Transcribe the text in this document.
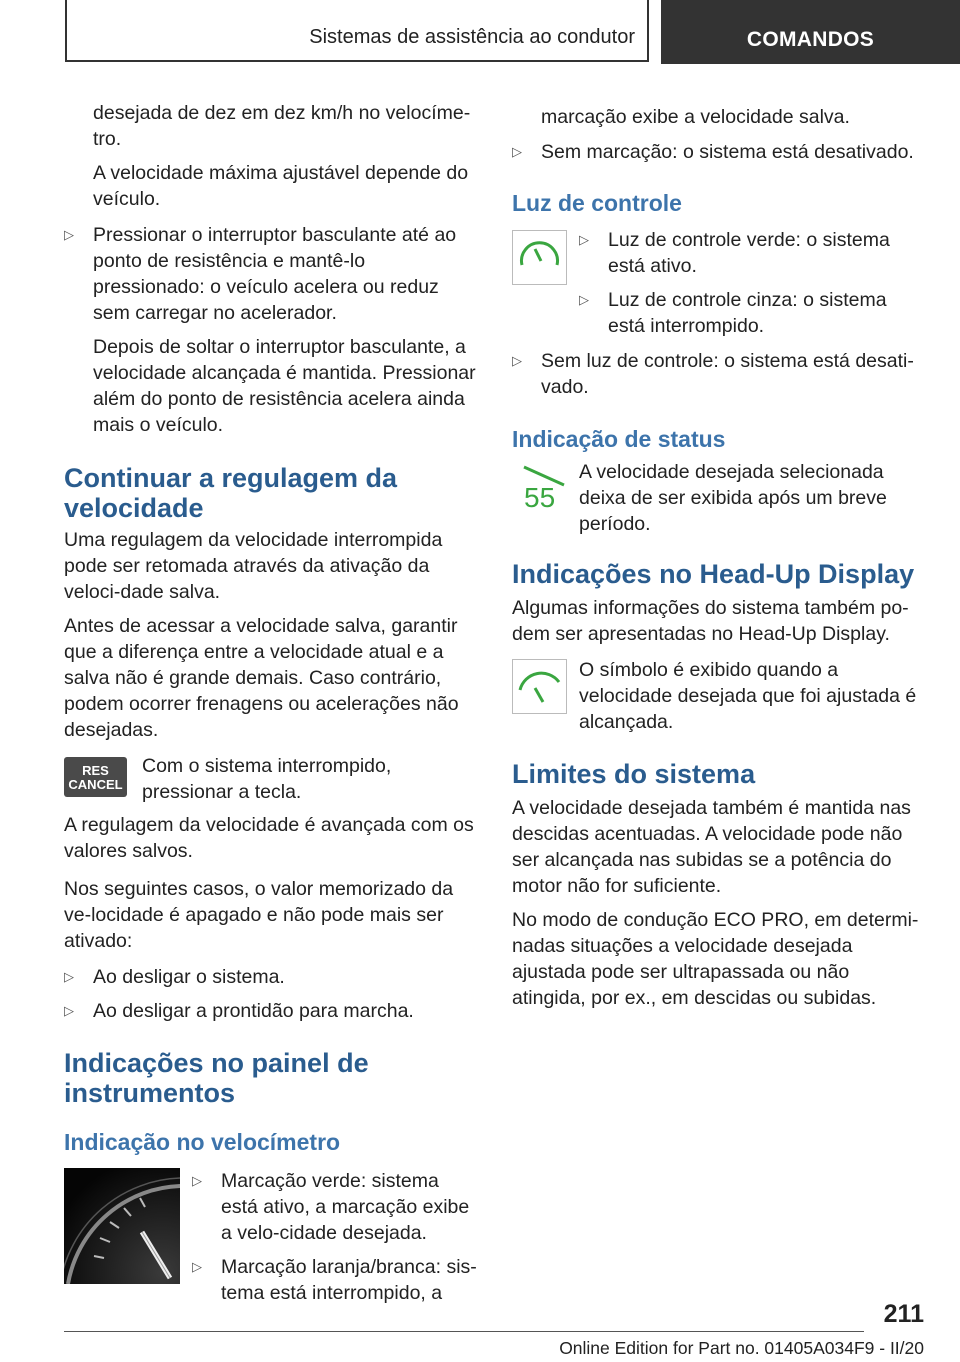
Sistemas de assistência ao condutor	COMANDOS

desejada de dez em dez km/h no velocíme-tro.

A velocidade máxima ajustável depende do veículo.

▷ Pressionar o interruptor basculante até ao ponto de resistência e mantê-lo pressionado: o veículo acelera ou reduz sem carregar no acelerador.

Depois de soltar o interruptor basculante, a velocidade alcançada é mantida. Pressionar além do ponto de resistência acelera ainda mais o veículo.

Continuar a regulagem da velocidade

Uma regulagem da velocidade interrompida pode ser retomada através da ativação da veloci-dade salva.

Antes de acessar a velocidade salva, garantir que a diferença entre a velocidade atual e a salva não é grande demais. Caso contrário, podem ocorrer frenagens ou acelerações não desejadas.

RES
CANCEL

Com o sistema interrompido, pressionar a tecla.

A regulagem da velocidade é avançada com os valores salvos.

Nos seguintes casos, o valor memorizado da ve-locidade é apagado e não pode mais ser ativado:

▷ Ao desligar o sistema.

▷ Ao desligar a prontidão para marcha.

Indicações no painel de instrumentos
Indicação no velocímetro
▷ Marcação verde: sistema está ativo, a marcação exibe a velo-cidade desejada.

▷ Marcação laranja/branca: sis-tema está interrompido, a

marcação exibe a velocidade salva.

▷ Sem marcação: o sistema está desativado.

Luz de controle
▷ Luz de controle verde: o sistema está ativo.

▷ Luz de controle cinza: o sistema está interrompido.

▷ Sem luz de controle: o sistema está desati-vado.

Indicação de status
55

A velocidade desejada selecionada deixa de ser exibida após um breve período.

Indicações no Head-Up Display

Algumas informações do sistema também po-dem ser apresentadas no Head-Up Display.

O símbolo é exibido quando a velocidade desejada que foi ajustada é alcançada.

Limites do sistema

A velocidade desejada também é mantida nas descidas acentuadas. A velocidade pode não ser alcançada nas subidas se a potência do motor não for suficiente.

No modo de condução ECO PRO, em determi-nadas situações a velocidade desejada ajustada pode ser ultrapassada ou não atingida, por ex., em descidas ou subidas.

211
Online Edition for Part no. 01405A034F9 - II/20
